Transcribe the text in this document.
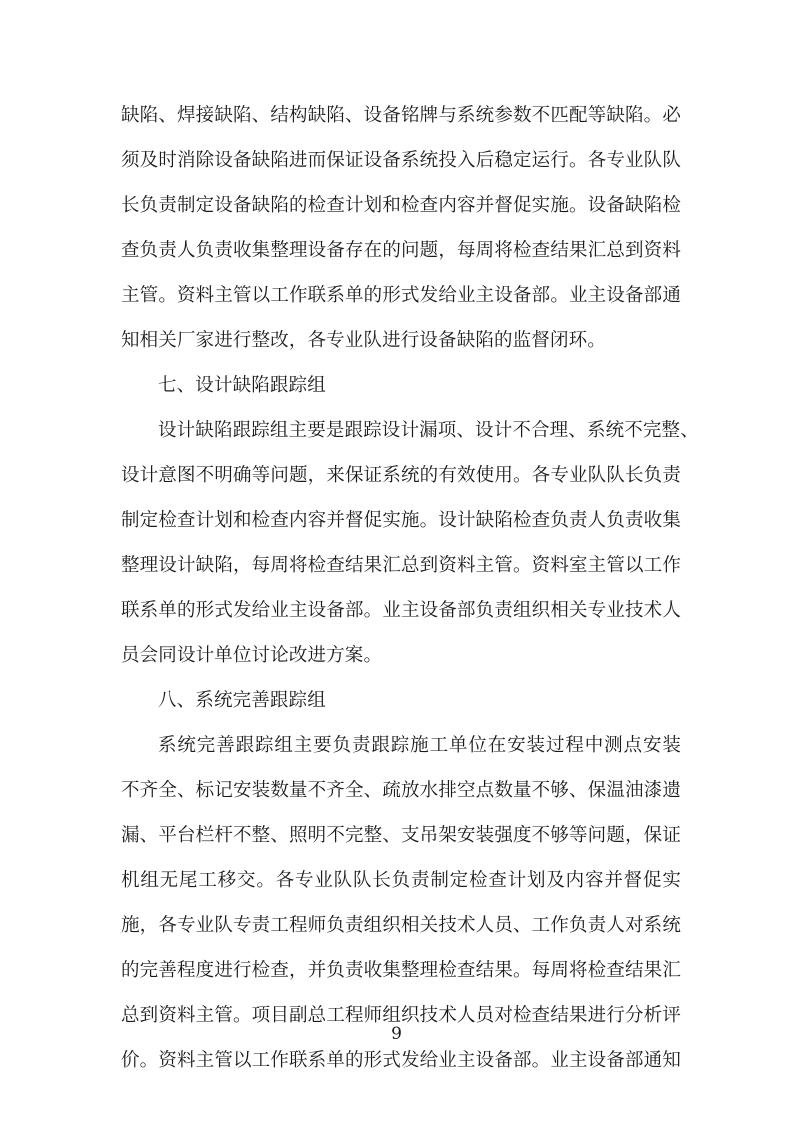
缺陷、焊接缺陷、结构缺陷、设备铭牌与系统参数不匹配等缺陷。必
须及时消除设备缺陷进而保证设备系统投入后稳定运行。各专业队队
长负责制定设备缺陷的检查计划和检查内容并督促实施。设备缺陷检
查负责人负责收集整理设备存在的问题，每周将检查结果汇总到资料
主管。资料主管以工作联系单的形式发给业主设备部。业主设备部通
知相关厂家进行整改，各专业队进行设备缺陷的监督闭环。
七、设计缺陷跟踪组
设计缺陷跟踪组主要是跟踪设计漏项、设计不合理、系统不完整、
设计意图不明确等问题，来保证系统的有效使用。各专业队队长负责
制定检查计划和检查内容并督促实施。设计缺陷检查负责人负责收集
整理设计缺陷，每周将检查结果汇总到资料主管。资料室主管以工作
联系单的形式发给业主设备部。业主设备部负责组织相关专业技术人
员会同设计单位讨论改进方案。
八、系统完善跟踪组
系统完善跟踪组主要负责跟踪施工单位在安装过程中测点安装
不齐全、标记安装数量不齐全、疏放水排空点数量不够、保温油漆遗
漏、平台栏杆不整、照明不完整、支吊架安装强度不够等问题，保证
机组无尾工移交。各专业队队长负责制定检查计划及内容并督促实
施，各专业队专责工程师负责组织相关技术人员、工作负责人对系统
的完善程度进行检查，并负责收集整理检查结果。每周将检查结果汇
总到资料主管。项目副总工程师组织技术人员对检查结果进行分析评
价。资料主管以工作联系单的形式发给业主设备部。业主设备部通知
9
